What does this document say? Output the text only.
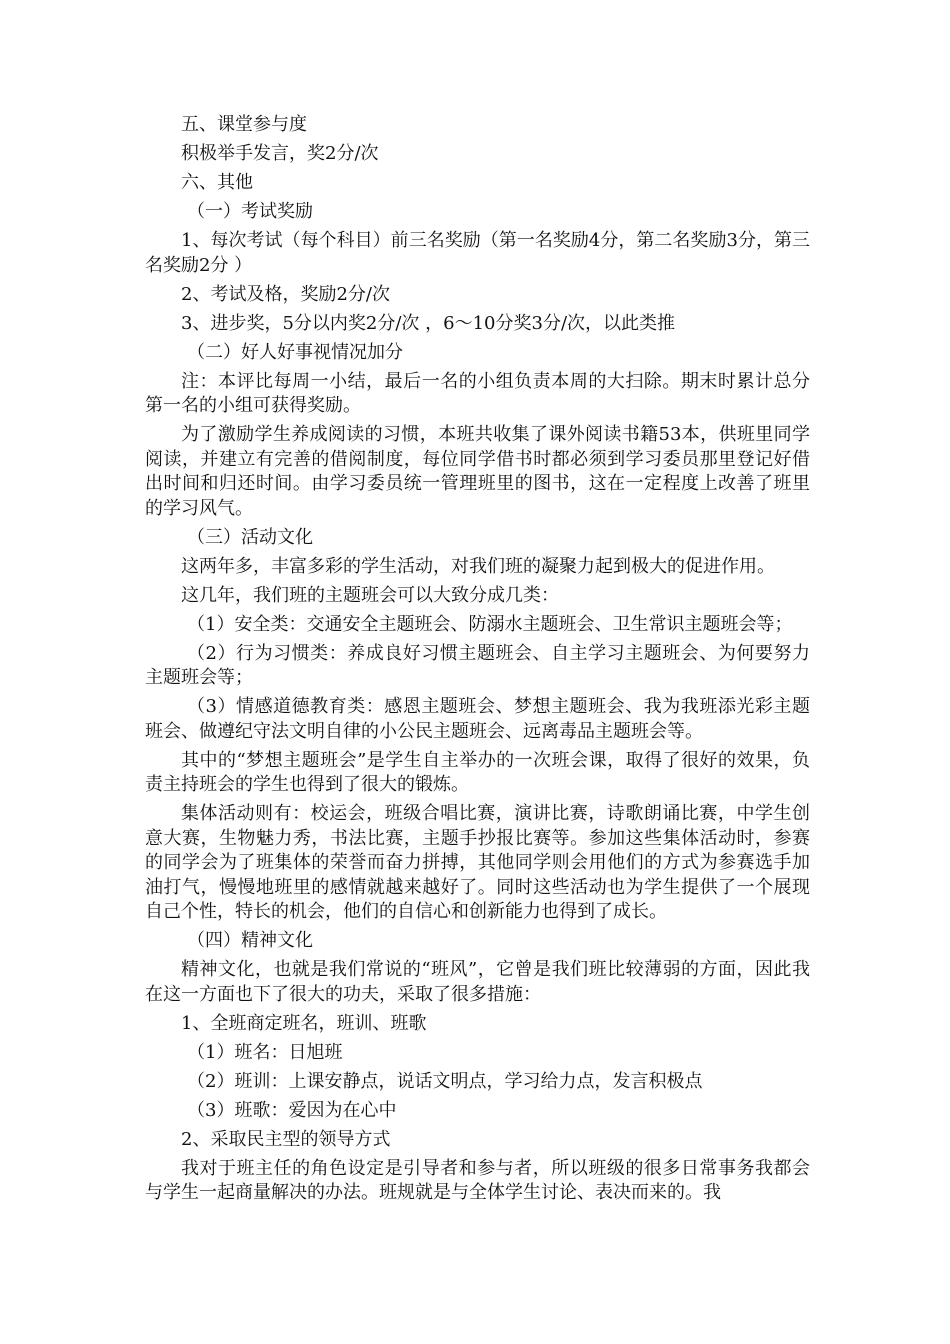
五、课堂参与度

积极举手发言，奖2分/次

六、其他

（一）考试奖励

1、每次考试（每个科目）前三名奖励（第一名奖励4分，第二名奖励3分，第三名奖励2分 ）

2、考试及格，奖励2分/次

3、进步奖，5分以内奖2分/次 ，6～10分奖3分/次，以此类推

（二）好人好事视情况加分

注：本评比每周一小结，最后一名的小组负责本周的大扫除。期末时累计总分第一名的小组可获得奖励。

为了激励学生养成阅读的习惯，本班共收集了课外阅读书籍53本，供班里同学阅读，并建立有完善的借阅制度，每位同学借书时都必须到学习委员那里登记好借出时间和归还时间。由学习委员统一管理班里的图书，这在一定程度上改善了班里的学习风气。

（三）活动文化

这两年多，丰富多彩的学生活动，对我们班的凝聚力起到极大的促进作用。

这几年，我们班的主题班会可以大致分成几类：

（1）安全类：交通安全主题班会、防溺水主题班会、卫生常识主题班会等；

（2）行为习惯类：养成良好习惯主题班会、自主学习主题班会、为何要努力主题班会等；

（3）情感道德教育类：感恩主题班会、梦想主题班会、我为我班添光彩主题班会、做遵纪守法文明自律的小公民主题班会、远离毒品主题班会等。

其中的“梦想主题班会”是学生自主举办的一次班会课，取得了很好的效果，负责主持班会的学生也得到了很大的锻炼。

集体活动则有：校运会，班级合唱比赛，演讲比赛，诗歌朗诵比赛，中学生创意大赛，生物魅力秀，书法比赛，主题手抄报比赛等。参加这些集体活动时，参赛的同学会为了班集体的荣誉而奋力拼搏，其他同学则会用他们的方式为参赛选手加油打气，慢慢地班里的感情就越来越好了。同时这些活动也为学生提供了一个展现自己个性，特长的机会，他们的自信心和创新能力也得到了成长。

（四）精神文化

精神文化，也就是我们常说的“班风”，它曾是我们班比较薄弱的方面，因此我在这一方面也下了很大的功夫，采取了很多措施：

1、全班商定班名，班训、班歌

（1）班名：日旭班

（2）班训：上课安静点，说话文明点，学习给力点，发言积极点

（3）班歌：爱因为在心中

2、采取民主型的领导方式

我对于班主任的角色设定是引导者和参与者，所以班级的很多日常事务我都会与学生一起商量解决的办法。班规就是与全体学生讨论、表决而来的。我
